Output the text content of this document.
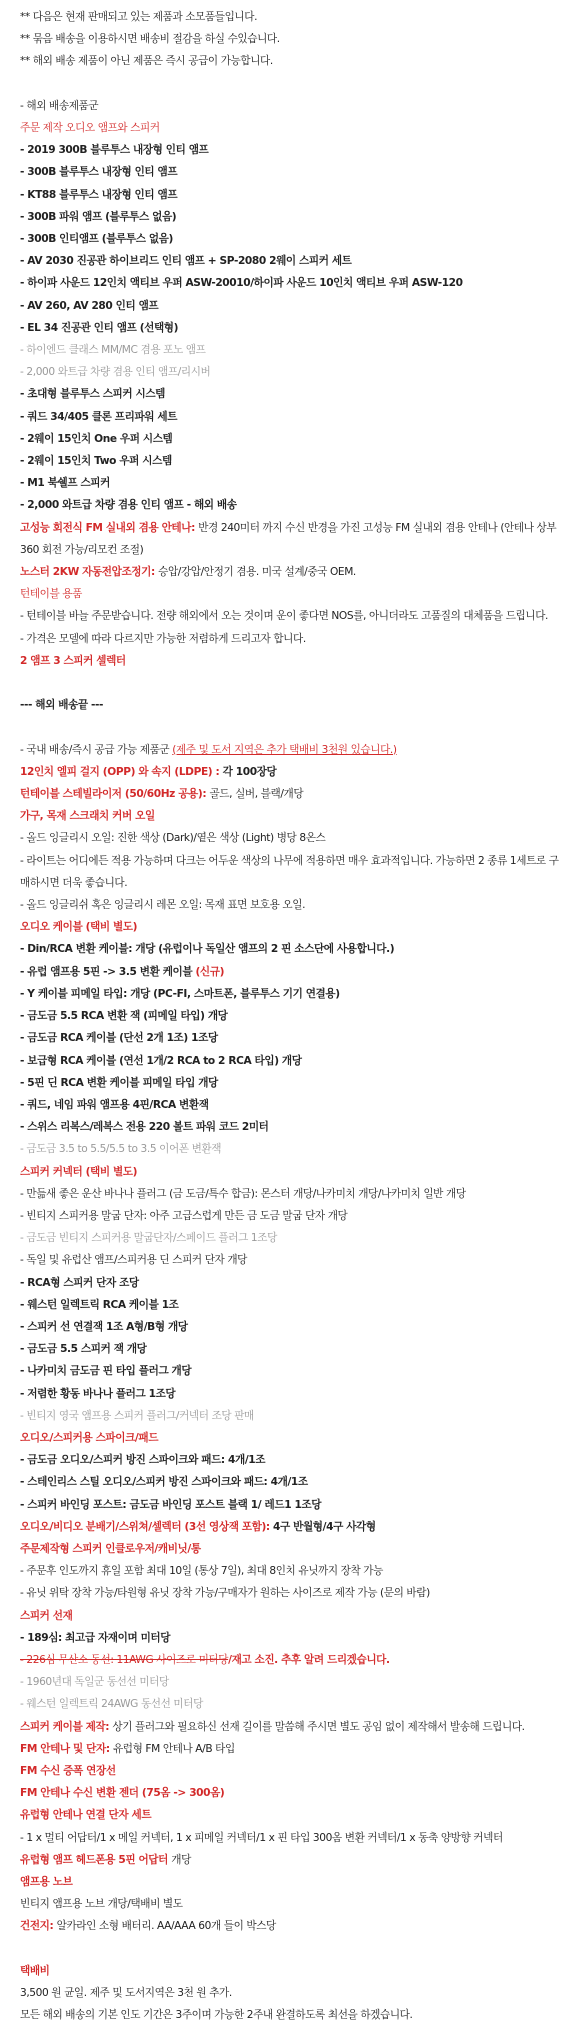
** 다음은 현재 판매되고 있는 제품과 소모품들입니다.
** 묶음 배송을 이용하시면 배송비 절감을 하실 수있습니다.
** 해외 배송 제품이 아닌 제품은 즉시 공급이 가능합니다.
- 해외 배송제품군
주문 제작 오디오 앰프와 스피커
- 2019 300B 블루투스 내장형 인티 앰프
- 300B 블루투스 내장형 인티 앰프
- KT88 블루투스 내장형 인티 앰프
- 300B 파워 앰프 (블루투스 없음)
- 300B 인티앰프 (블루투스 없음)
- AV 2030 진공관 하이브리드 인티 앰프 + SP-2080 2웨이 스피커 세트
- 하이파 사운드 12인치 액티브 우퍼 ASW-20010/하이파 사운드 10인치 액티브 우퍼 ASW-120
- AV 260, AV 280 인티 앰프
- EL 34 진공관 인티 앰프 (선택형)
- 하이엔드 클래스 MM/MC 겸용 포노 앰프
- 2,000 와트급 차량 겸용 인티 앰프/리시버
- 초대형 블루투스 스피커 시스템
- 쿼드 34/405 클론 프리파워 세트
- 2웨이 15인치 One 우퍼 시스템
- 2웨이 15인치 Two 우퍼 시스템
- M1 북쉘프 스피커
- 2,000 와트급 차량 겸용 인티 앰프 - 해외 배송
고성능 회전식 FM 실내외 겸용 안테나: 반경 240미터 까지 수신 반경을 가진 고성능 FM 실내외 겸용 안테나 (안테나 상부 360 회전 가능/리모컨 조절)
노스터 2KW 자동전압조정기: 승압/강압/안정기 겸용. 미국 설계/중국 OEM.
턴테이블 용품
- 턴테이블 바늘 주문받습니다. 전량 해외에서 오는 것이며 운이 좋다면 NOS를, 아니더라도 고품질의 대체품을 드립니다.
- 가격은 모델에 따라 다르지만 가능한 저렴하게 드리고자 합니다.
2 앰프 3 스피커 셀렉터
--- 해외 배송끝 ---
- 국내 배송/즉시 공급 가능 제품군 (제주 및 도서 지역은 추가 택배비 3천원 있습니다.)
12인치 엘피 걸지 (OPP) 와 속지 (LDPE) : 각 100장당
턴테이블 스테빌라이저 (50/60Hz 공용): 골드, 실버, 블랙/개당
가구, 목재 스크래치 커버 오일
- 올드 잉글리시 오일: 진한 색상 (Dark)/옅은 색상 (Light) 병당 8온스
- 라이트는 어디에든 적용 가능하며 다크는 어두운 색상의 나무에 적용하면 매우 효과적입니다. 가능하면 2 종류 1세트로 구매하시면 더욱 좋습니다.
- 올드 잉글리쉬 혹은 잉글리시 레몬 오일: 목재 표면 보호용 오일.
오디오 케이블 (택비 별도)
- Din/RCA 변환 케이블: 개당 (유럽이나 독일산 앰프의 2 핀 소스단에 사용합니다.)
- 유럽 앰프용 5핀 -> 3.5 변환 케이블 (신규)
- Y 케이블 피메일 타입: 개당 (PC-FI, 스마트폰, 블루투스 기기 연결용)
- 금도금 5.5 RCA 변환 잭 (피메일 타입) 개당
- 금도금 RCA 케이블 (단선 2개 1조) 1조당
- 보급형 RCA 케이블 (연선 1개/2 RCA to 2 RCA 타입) 개당
- 5핀 딘 RCA 변환 케이블 피메일 타입 개당
- 쿼드, 네임 파워 앰프용 4핀/RCA 변환잭
- 스위스 리복스/레복스 전용 220 볼트 파워 코드 2미터
- 금도금 3.5 to 5.5/5.5 to 3.5 이어폰 변환잭
스피커 커넥터 (택비 별도)
- 만듦새 좋은 운산 바나나 플러그 (금 도금/특수 합금): 몬스터 개당/나카미치 개당/나카미치 일반 개당
- 빈티지 스피커용 말굽 단자: 아주 고급스럽게 만든 금 도금 말굽 단자 개당
- 금도금 빈티지 스피커용 말굽단자/스페이드 플러그 1조당
- 독일 및 유럽산 앰프/스피커용 딘 스피커 단자 개당
- RCA형 스피커 단자 조당
- 웨스턴 일렉트릭 RCA 케이블 1조
- 스피커 선 연결잭 1조 A형/B형 개당
- 금도금 5.5 스피커 잭 개당
- 나카미치 금도금 핀 타입 플러그 개당
- 저렴한 황동 바나나 플러그 1조당
- 빈티지 영국 앰프용 스피커 플러그/커넥터 조당 판매
오디오/스피커용 스파이크/패드
- 금도금 오디오/스피커 방진 스파이크와 패드: 4개/1조
- 스테인리스 스틸 오디오/스피커 방진 스파이크와 패드: 4개/1조
- 스피커 바인딩 포스트: 금도금 바인딩 포스트 블랙 1/ 레드1 1조당
오디오/비디오 분배기/스위쳐/셀렉터 (3선 영상잭 포함): 4구 반월형/4구 사각형
주문제작형 스피커 인클로우저/캐비닛/통
- 주문후 인도까지 휴일 포함 최대 10일 (통상 7일), 최대 8인치 유닛까지 장착 가능
- 유닛 위탁 장착 가능/타원형 유닛 장착 가능/구매자가 원하는 사이즈로 제작 가능 (문의 바람)
스피커 선재
- 189심: 최고급 자재이며 미터당
- 226심 무산소 동선: 11AWG 사이즈로 미터당/재고 소진. 추후 알려 드리겠습니다.
- 1960년대 독일군 동선선 미터당
- 웨스턴 일렉트릭 24AWG 동선선 미터당
스피커 케이블 제작: 상기 플러그와 필요하신 선재 길이를 말씀해 주시면 별도 공임 없이 제작해서 발송해 드립니다.
FM 안테나 및 단자: 유럽형 FM 안테나 A/B 타입
FM 수신 증폭 연장선
FM 안테나 수신 변환 젠더 (75옴 -> 300옴)
유럽형 안테나 연결 단자 세트
- 1 x 멀티 어답터/1 x 메일 커넥터, 1 x 피메일 커넥터/1 x 핀 타입 300옴 변환 커넥터/1 x 동축 양방향 커넥터
유럽형 앰프 헤드폰용 5핀 어답터 개당
앰프용 노브
빈티지 앰프용 노브 개당/택배비 별도
건전지: 알카라인 소형 배터리. AA/AAA 60개 들이 박스당
택배비
3,500 원 균일. 제주 및 도서지역은 3천 원 추가.
모든 해외 배송의 기본 인도 기간은 3주이며 가능한 2주내 완결하도록 최선을 하겠습니다.
